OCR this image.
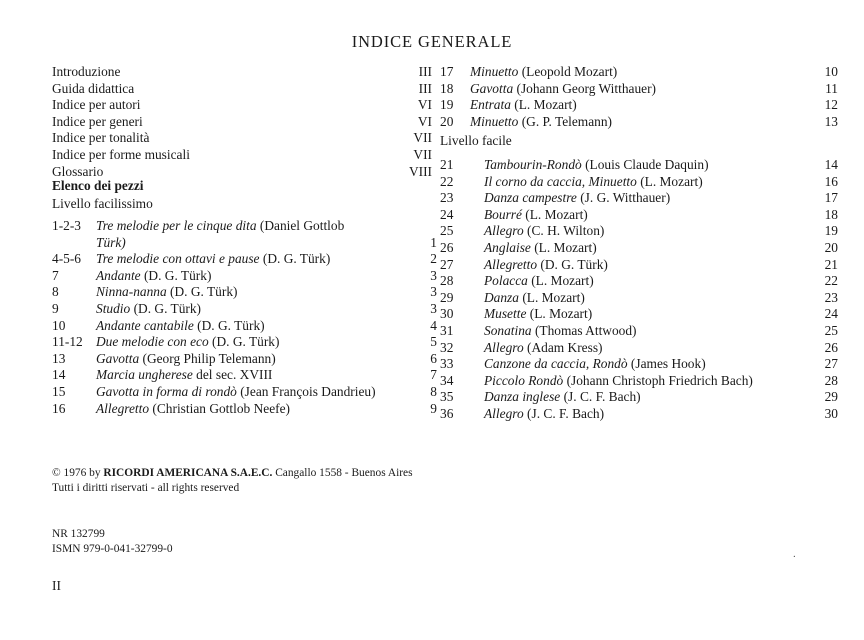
INDICE GENERALE
Introduzione	III
Guida didattica	III
Indice per autori	VI
Indice per generi	VI
Indice per tonalità	VII
Indice per forme musicali	VII
Glossario	VIII
Elenco dei pezzi
Livello facilissimo
1-2-3	Tre melodie per le cinque dita (Daniel Gottlob
Türk)	1
4-5-6	Tre melodie con ottavi e pause (D. G. Türk)	2
7	Andante (D. G. Türk)	3
8	Ninna-nanna (D. G. Türk)	3
9	Studio (D. G. Türk)	3
10	Andante cantabile (D. G. Türk)	4
11-12 Due melodie con eco (D. G. Türk)	5
13	Gavotta (Georg Philip Telemann)	6
14	Marcia ungherese del sec. XVIII	7
15	Gavotta in forma di rondò (Jean François Dandrieu)	8
16	Allegretto (Christian Gottlob Neefe)	9
17	Minuetto (Leopold Mozart)	10
18	Gavotta (Johann Georg Witthauer)	11
19	Entrata (L. Mozart)	12
20	Minuetto (G. P. Telemann)	13
Livello facile
21	Tambourin-Rondò (Louis Claude Daquin)	14
22	Il corno da caccia, Minuetto (L. Mozart)	16
23	Danza campestre (J. G. Witthauer)	17
24	Bourré (L. Mozart)	18
25	Allegro (C. H. Wilton)	19
26	Anglaise (L. Mozart)	20
27	Allegretto (D. G. Türk)	21
28	Polacca (L. Mozart)	22
29	Danza (L. Mozart)	23
30	Musette (L. Mozart)	24
31	Sonatina (Thomas Attwood)	25
32	Allegro (Adam Kress)	26
33	Canzone da caccia, Rondò (James Hook)	27
34	Piccolo Rondò (Johann Christoph Friedrich Bach)	28
35	Danza inglese (J. C. F. Bach)	29
36	Allegro (J. C. F. Bach)	30
© 1976 by RICORDI AMERICANA S.A.E.C. Cangallo 1558 - Buenos Aires
Tutti i diritti riservati - all rights reserved
NR 132799
ISMN 979-0-041-32799-0	.
II
